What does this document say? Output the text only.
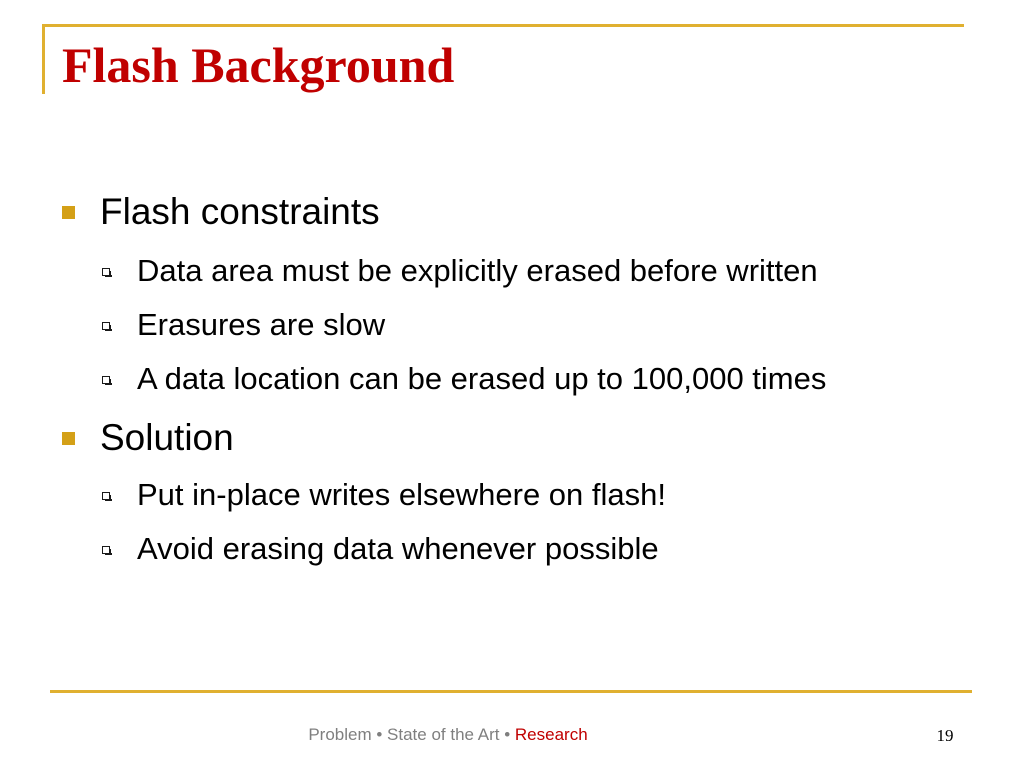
Flash Background
Flash constraints
Data area must be explicitly erased before written
Erasures are slow
A data location can be erased up to 100,000 times
Solution
Put in-place writes elsewhere on flash!
Avoid erasing data whenever possible
Problem • State of the Art • Research	19
